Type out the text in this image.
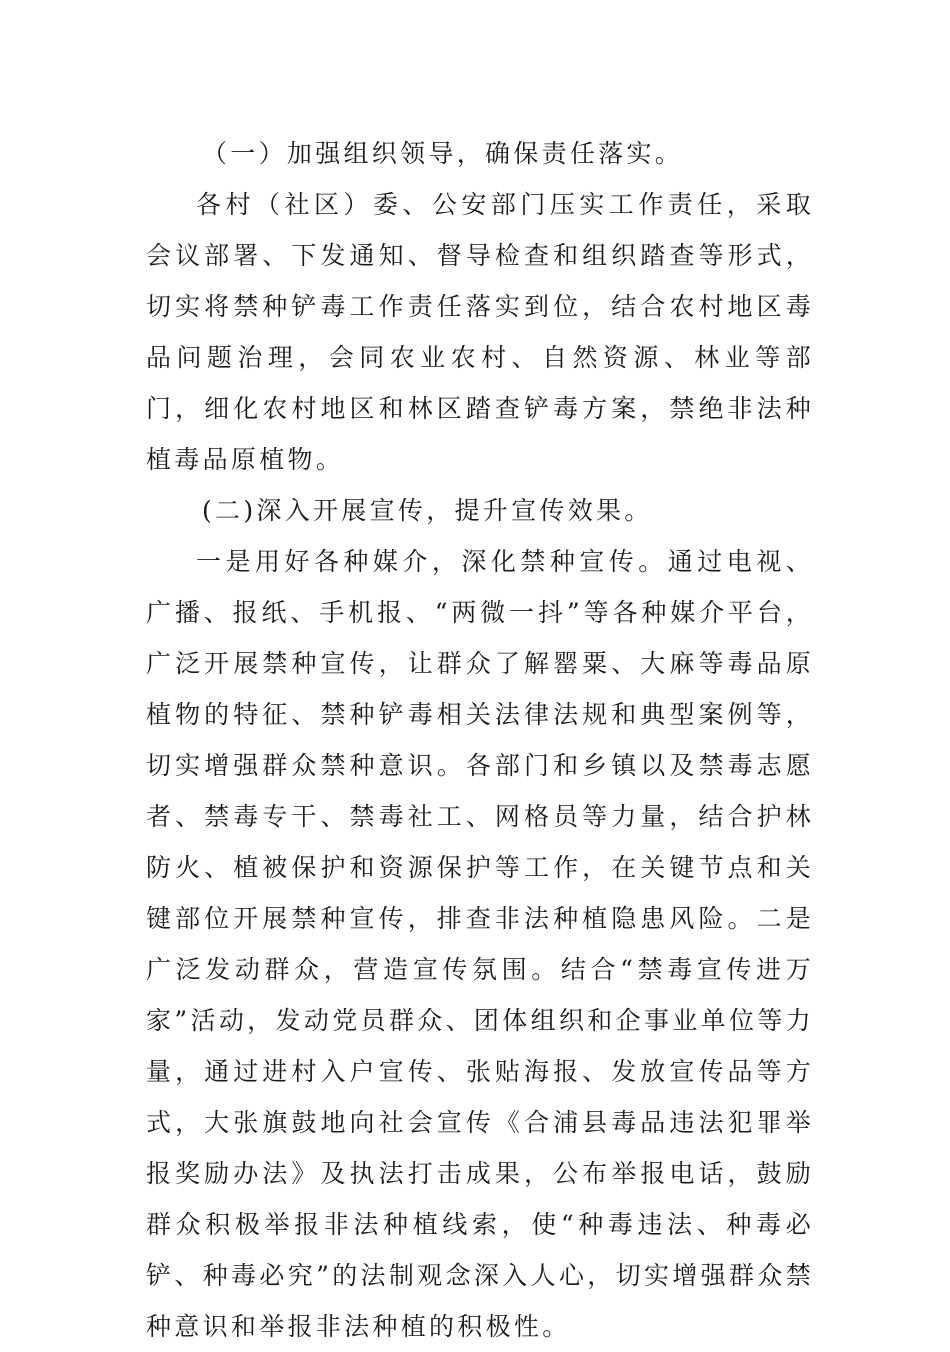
（一）加强组织领导，确保责任落实。

各村（社区）委、公安部门压实工作责任，采取会议部署、下发通知、督导检查和组织踏查等形式，切实将禁种铲毒工作责任落实到位，结合农村地区毒品问题治理，会同农业农村、自然资源、林业等部门，细化农村地区和林区踏查铲毒方案，禁绝非法种植毒品原植物。

(二)深入开展宣传，提升宣传效果。

一是用好各种媒介，深化禁种宣传。通过电视、广播、报纸、手机报、“两微一抖”等各种媒介平台，广泛开展禁种宣传，让群众了解罂粟、大麻等毒品原植物的特征、禁种铲毒相关法律法规和典型案例等，切实增强群众禁种意识。各部门和乡镇以及禁毒志愿者、禁毒专干、禁毒社工、网格员等力量，结合护林防火、植被保护和资源保护等工作，在关键节点和关键部位开展禁种宣传，排查非法种植隐患风险。二是广泛发动群众，营造宣传氛围。结合“禁毒宣传进万家”活动，发动党员群众、团体组织和企事业单位等力量，通过进村入户宣传、张贴海报、发放宣传品等方式，大张旗鼓地向社会宣传《合浦县毒品违法犯罪举报奖励办法》及执法打击成果，公布举报电话，鼓励群众积极举报非法种植线索，使“种毒违法、种毒必铲、种毒必究”的法制观念深入人心，切实增强群众禁种意识和举报非法种植的积极性。
